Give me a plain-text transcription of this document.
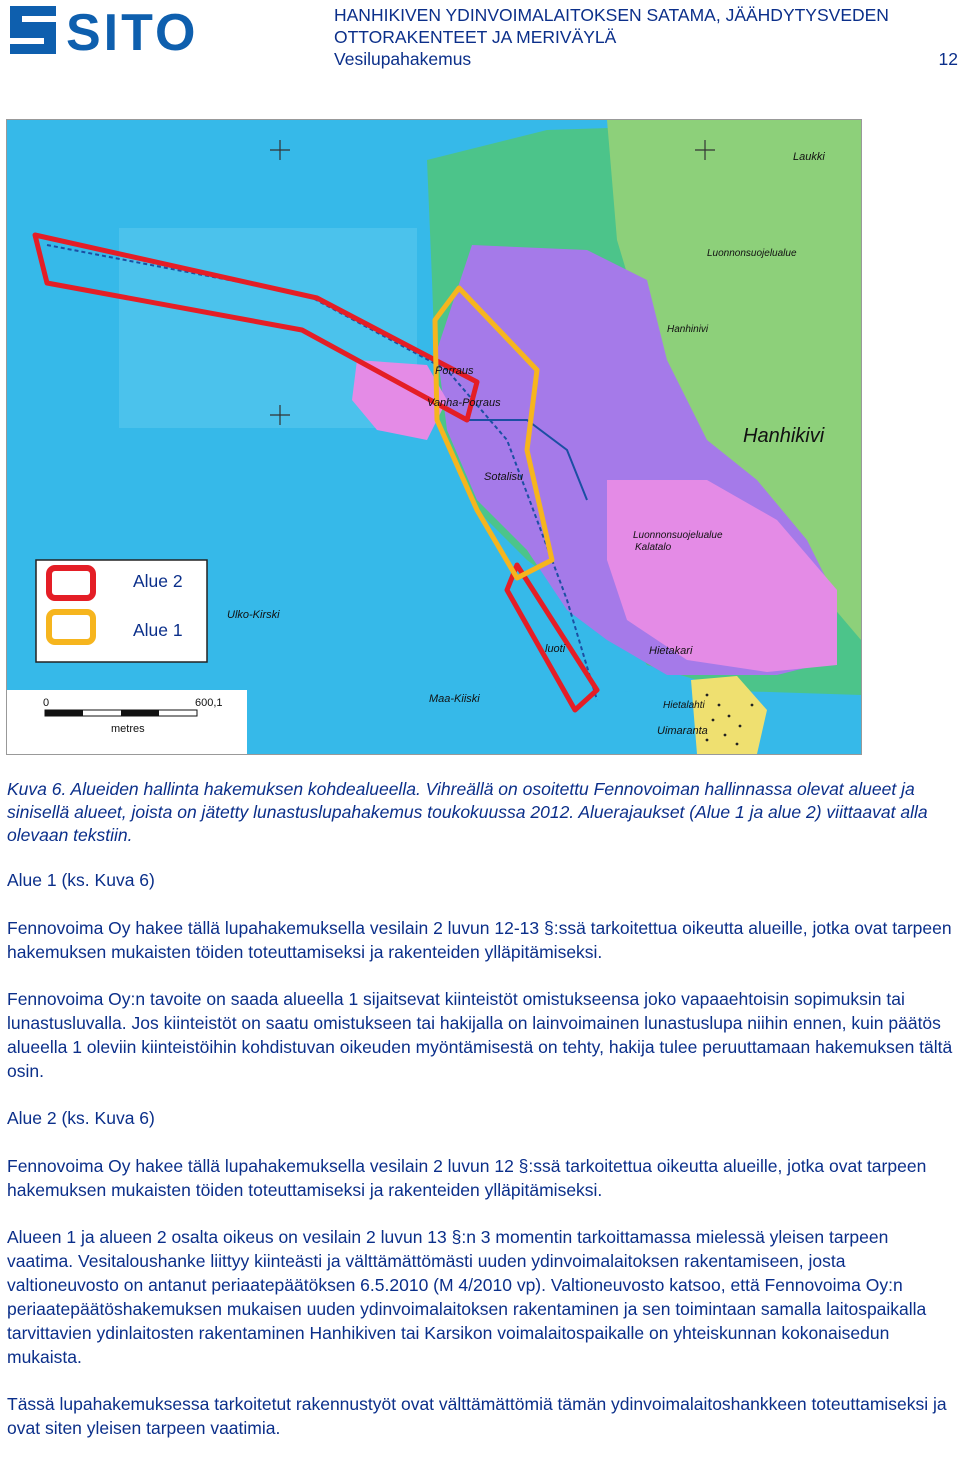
SITO	HANHIKIVEN YDINVOIMALAITOKSEN SATAMA, JÄÄHDYTYSVEDEN
OTTORAKENTEET JA MERIVÄYLÄ
Vesilupahakemus	12
Laukki
Luonnonsuojelualue
Hanhinivi
Porraus
Vanha-Porraus
Hanhikivi
Sotalisu
Luonnonsuojelualue
Kalatalo
Ulko-Kirski
Hietakari
Maa-Kiiski
Hietalahti
Uimaranta
luoti
Alue 2
Alue 1
0	600,1
metres
Kuva 6. Alueiden hallinta hakemuksen kohdealueella. Vihreällä on osoitettu Fennovoiman hallinnassa olevat alueet ja sinisellä alueet, joista on jätetty lunastuslupahakemus toukokuussa 2012. Aluerajaukset (Alue 1 ja alue 2) viittaavat alla olevaan tekstiin.
Alue 1 (ks. Kuva 6)

Fennovoima Oy hakee tällä lupahakemuksella vesilain 2 luvun 12-13 §:ssä tarkoitettua oikeutta alueille, jotka ovat tarpeen hakemuksen mukaisten töiden toteuttamiseksi ja rakenteiden ylläpitämiseksi.

Fennovoima Oy:n tavoite on saada alueella 1 sijaitsevat kiinteistöt omistukseensa joko vapaaehtoisin sopimuksin tai lunastusluvalla. Jos kiinteistöt on saatu omistukseen tai hakijalla on lainvoimainen lunastuslupa niihin ennen, kuin päätös alueella 1 oleviin kiinteistöihin kohdistuvan oikeuden myöntämisestä on tehty, hakija tulee peruuttamaan hakemuksen tältä osin.

Alue 2 (ks. Kuva 6)

Fennovoima Oy hakee tällä lupahakemuksella vesilain 2 luvun 12 §:ssä tarkoitettua oikeutta alueille, jotka ovat tarpeen hakemuksen mukaisten töiden toteuttamiseksi ja rakenteiden ylläpitämiseksi.

Alueen 1 ja alueen 2 osalta oikeus on vesilain 2 luvun 13 §:n 3 momentin tarkoittamassa mielessä yleisen tarpeen vaatima. Vesitaloushanke liittyy kiinteästi ja välttämättömästi uuden ydinvoimalaitoksen rakentamiseen, josta valtioneuvosto on antanut periaatepäätöksen 6.5.2010 (M 4/2010 vp). Valtioneuvosto katsoo, että Fennovoima Oy:n periaatepäätöshakemuksen mukaisen uuden ydinvoimalaitoksen rakentaminen ja sen toimintaan samalla laitospaikalla tarvittavien ydinlaitosten rakentaminen Hanhikiven tai Karsikon voimalaitospaikalle on yhteiskunnan kokonaisedun mukaista.

Tässä lupahakemuksessa tarkoitetut rakennustyöt ovat välttämättömiä tämän ydinvoimalaitoshankkeen toteuttamiseksi ja ovat siten yleisen tarpeen vaatimia.
